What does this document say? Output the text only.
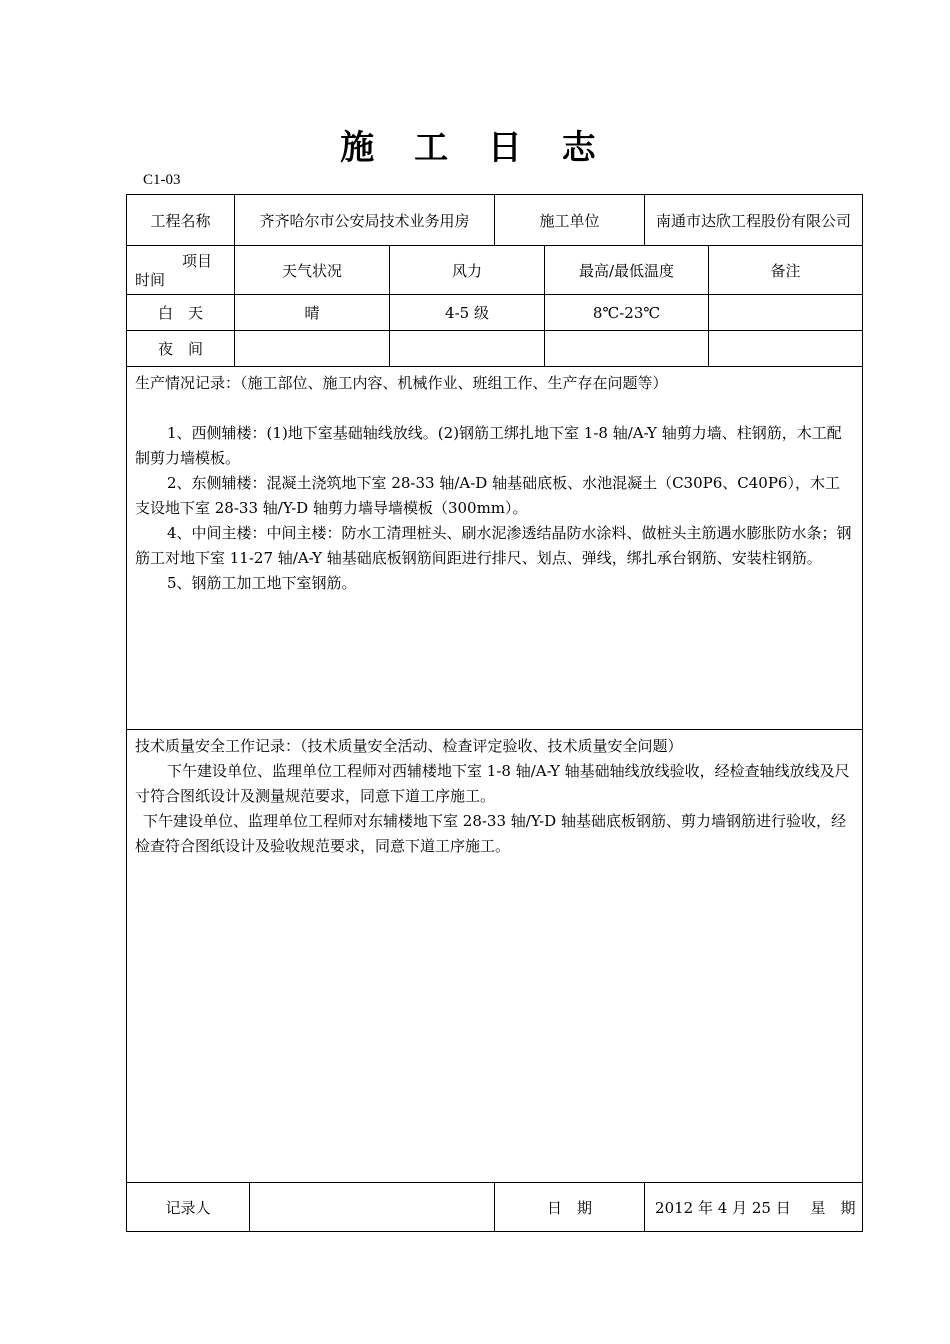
施 工 日 志
C1-03
工程名称	齐齐哈尔市公安局技术业务用房			施工单位		南通市达欣工程股份有限公司	

项目
时间	天气状况		风力		最高/最低温度		备注
白　天	晴		4-5 级		8℃-23℃		
夜　间							

生产情况记录：（施工部位、施工内容、机械作业、班组工作、生产存在问题等）

1、西侧辅楼：(1)地下室基础轴线放线。(2)钢筋工绑扎地下室 1-8 轴/A-Y 轴剪力墙、柱钢筋，木工配制剪力墙模板。

2、东侧辅楼：混凝土浇筑地下室 28-33 轴/A-D 轴基础底板、水池混凝土（C30P6、C40P6），木工支设地下室 28-33 轴/Y-D 轴剪力墙导墙模板（300mm）。

4、中间主楼：中间主楼：防水工清理桩头、刷水泥渗透结晶防水涂料、做桩头主筋遇水膨胀防水条；钢筋工对地下室 11-27 轴/A-Y 轴基础底板钢筋间距进行排尺、划点、弹线，绑扎承台钢筋、安装柱钢筋。

5、钢筋工加工地下室钢筋。							

技术质量安全工作记录：（技术质量安全活动、检查评定验收、技术质量安全问题）

下午建设单位、监理单位工程师对西辅楼地下室 1-8 轴/A-Y 轴基础轴线放线验收，经检查轴线放线及尺寸符合图纸设计及测量规范要求，同意下道工序施工。

下午建设单位、监理单位工程师对东辅楼地下室 28-33 轴/Y-D 轴基础底板钢筋、剪力墙钢筋进行验收，经检查符合图纸设计及验收规范要求，同意下道工序施工。							

记录人				日　期		2012 年 4 月 25 日　 星　期	
